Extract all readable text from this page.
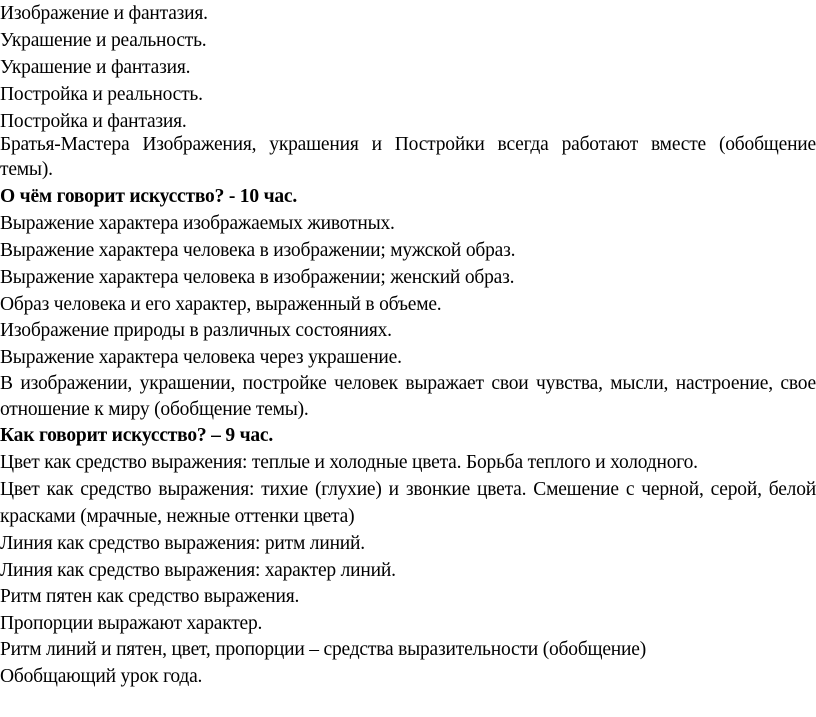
Изображение и фантазия.
Украшение и реальность.
Украшение и фантазия.
Постройка и реальность.
Постройка и фантазия.
Братья-Мастера Изображения, украшения и Постройки всегда работают вместе (обобщение
темы).
О чём говорит искусство? - 10 час.
Выражение характера изображаемых животных.
Выражение характера человека в изображении; мужской образ.
Выражение характера человека в изображении; женский образ.
Образ человека и его характер, выраженный в объеме.
Изображение природы в различных состояниях.
Выражение характера человека через украшение.
В изображении, украшении, постройке человек выражает свои чувства, мысли, настроение, свое
отношение к миру (обобщение темы).
Как говорит искусство? – 9 час.
Цвет как средство выражения: теплые и холодные цвета. Борьба теплого и холодного.
Цвет как средство выражения: тихие (глухие) и звонкие цвета. Смешение с черной, серой, белой
красками (мрачные, нежные оттенки цвета)
Линия как средство выражения: ритм линий.
Линия как средство выражения: характер линий.
Ритм пятен как средство выражения.
Пропорции выражают характер.
Ритм линий и пятен, цвет, пропорции – средства выразительности (обобщение)
Обобщающий урок года.
